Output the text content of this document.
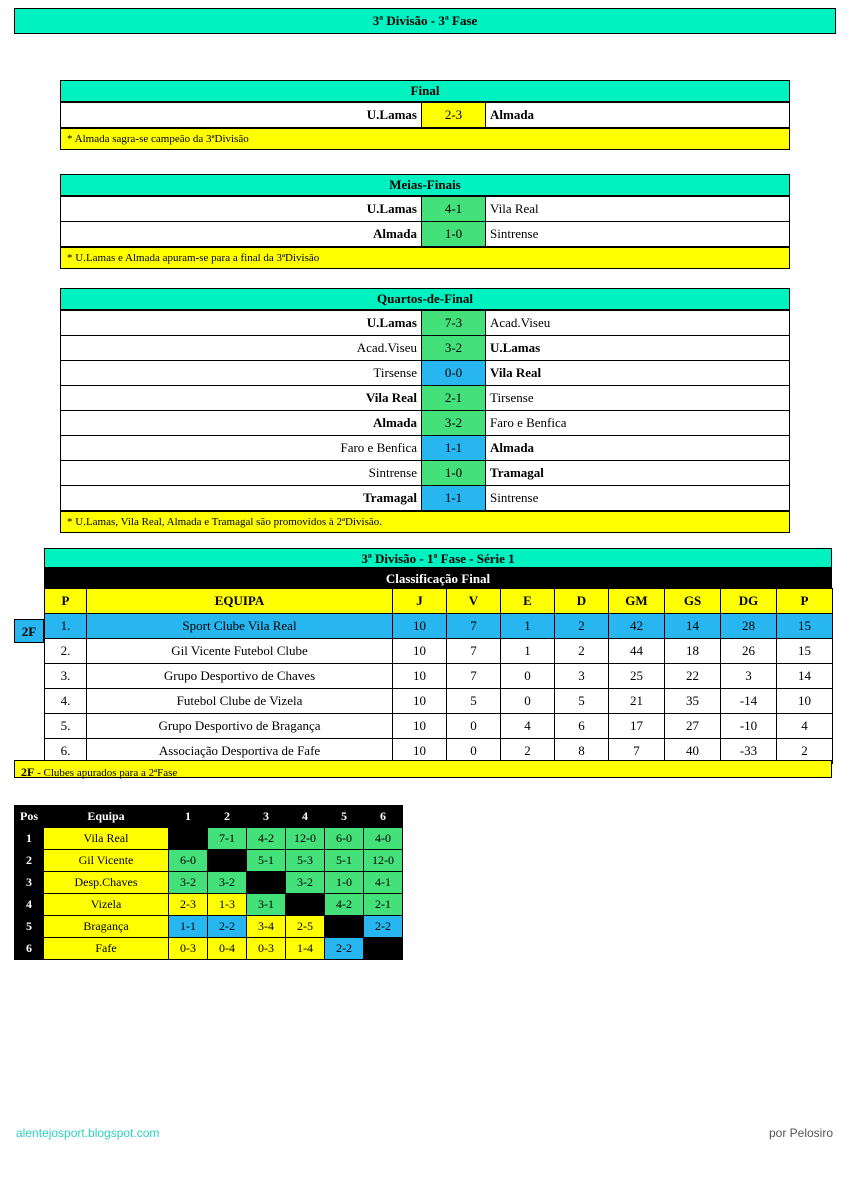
3ª Divisão - 3ª Fase
Final
U.Lamas	2-3	Almada
* Almada sagra-se campeão da 3ªDivisão
Meias-Finais
U.Lamas	4-1	Vila Real
Almada	1-0	Sintrense
* U.Lamas e Almada apuram-se para a final da 3ªDivisão
Quartos-de-Final
U.Lamas	7-3	Acad.Viseu
Acad.Viseu	3-2	U.Lamas
Tirsense	0-0	Vila Real
Vila Real	2-1	Tirsense
Almada	3-2	Faro e Benfica
Faro e Benfica	1-1	Almada
Sintrense	1-0	Tramagal
Tramagal	1-1	Sintrense
* U.Lamas, Vila Real, Almada e Tramagal são promovidos à 2ªDivisão.
3ª Divisão - 1ª Fase - Série 1
Classificação Final
P	EQUIPA	J	V	E	D	GM	GS	DG	P
1.	Sport Clube Vila Real	10	7	1	2	42	14	28	15
2.	Gil Vicente Futebol Clube	10	7	1	2	44	18	26	15
3.	Grupo Desportivo de Chaves	10	7	0	3	25	22	3	14
4.	Futebol Clube de Vizela	10	5	0	5	21	35	-14	10
5.	Grupo Desportivo de Bragança	10	0	4	6	17	27	-10	4
6.	Associação Desportiva de Fafe	10	0	2	8	7	40	-33	2
2F
2F - Clubes apurados para a 2ªFase
Pos	Equipa	1	2	3	4	5	6
1	Vila Real		7-1	4-2	12-0	6-0	4-0
2	Gil Vicente	6-0		5-1	5-3	5-1	12-0
3	Desp.Chaves	3-2	3-2		3-2	1-0	4-1
4	Vizela	2-3	1-3	3-1		4-2	2-1
5	Bragança	1-1	2-2	3-4	2-5		2-2
6	Fafe	0-3	0-4	0-3	1-4	2-2	
alentejosport.blogspot.com	por Pelosiro
